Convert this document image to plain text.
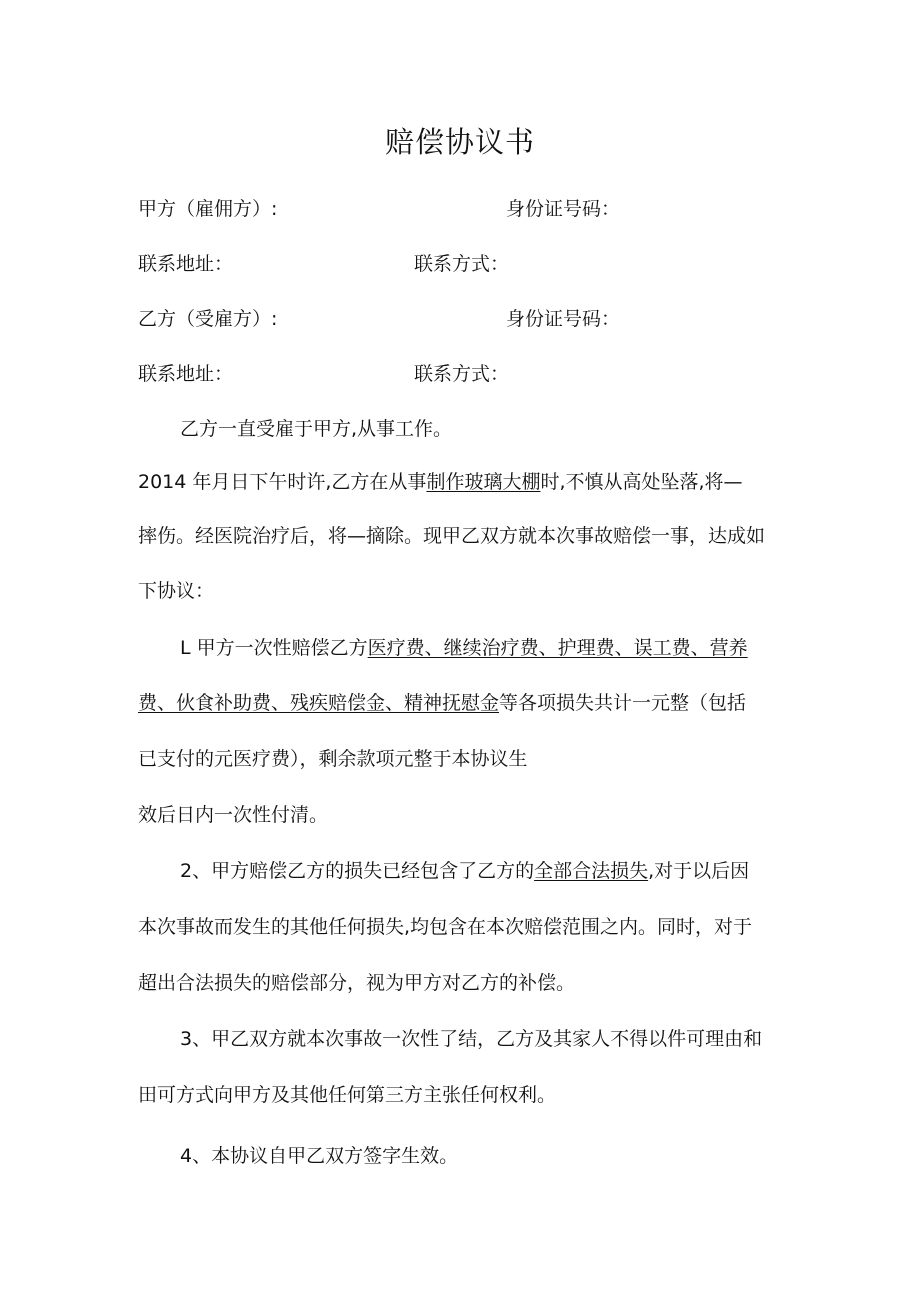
赔偿协议书
甲方（雇佣方）:	身份证号码：
联系地址：	联系方式：
乙方（受雇方）:	身份证号码：
联系地址：	联系方式：
乙方一直受雇于甲方,从事工作。
2014 年月日下午时许,乙方在从事制作玻璃大棚时,不慎从高处坠落,将—
摔伤。经医院治疗后，将—摘除。现甲乙双方就本次事故赔偿一事，达成如
下协议：
L 甲方一次性赔偿乙方医疗费、继续治疗费、护理费、误工费、营养
费、伙食补助费、残疾赔偿金、精神抚慰金等各项损失共计一元整（包括
已支付的元医疗费），剩余款项元整于本协议生
效后日内一次性付清。
2、甲方赔偿乙方的损失已经包含了乙方的全部合法损失,对于以后因
本次事故而发生的其他任何损失,均包含在本次赔偿范围之内。同时，对于
超出合法损失的赔偿部分，视为甲方对乙方的补偿。
3、甲乙双方就本次事故一次性了结，乙方及其家人不得以件可理由和
田可方式向甲方及其他任何第三方主张任何权利。
4、本协议自甲乙双方签字生效。
